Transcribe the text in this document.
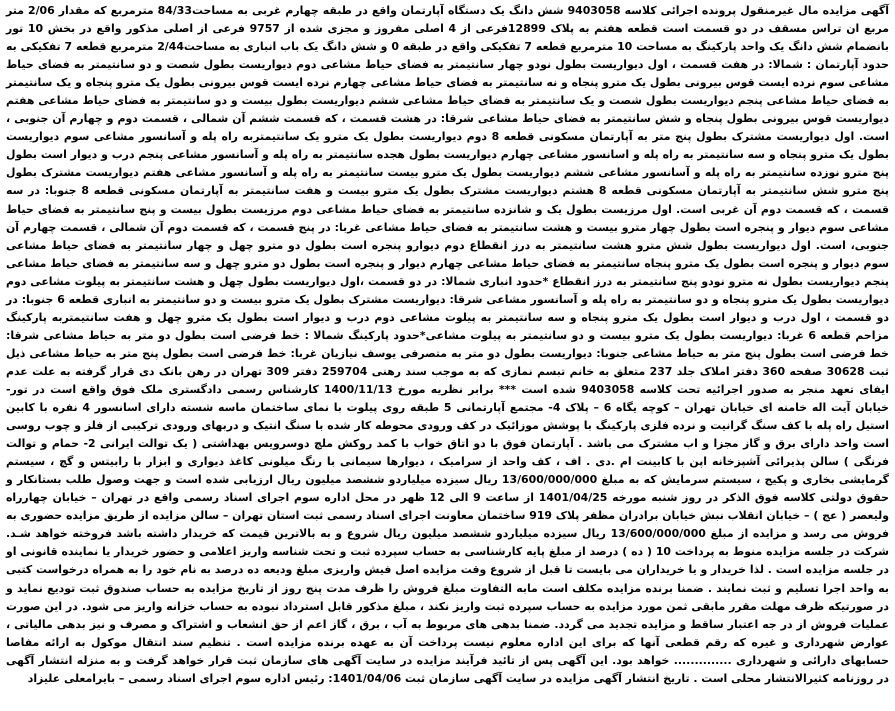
آگهی مزایده مال غیرمنقول پرونده اجرائی کلاسه 9403058 شش دانگ یک دستگاه آپارتمان واقع در طبقه چهارم غربی به مساحت84/33 مترمربع که مقدار 2/06 متر مربع ان تراس مسقف در دو قسمت است قطعه هفتم به پلاک 12899فرعی از 4 اصلی مفروز و مجزی شده از 9757 فرعی از اصلی مذکور واقع در بخش 10 تور بانضمام شش دانگ یک واحد پارکینگ به مساحت 10 مترمربع قطعه 7 تفکیکی واقع در طبقه 0 و شش دانگ یک باب انباری به مساحت2/44 مترمربع قطعه 7 تفکیکی به حدود آپارتمان : شمالا: در هفت قسمت ، اول دیواریست بطول نودو چهار سانتیمتر به فضای حیاط مشاعی دوم دیواریست بطول شصت و دو سانتیمتر به فضای حیاط مشاعی سوم نرده ایست قوس بیرونی بطول یک مترو پنجاه و نه سانتیمتر به فضای حیاط مشاعی چهارم نرده ایست قوس بیرونی بطول یک مترو پنجاه و یک سانتیمتر به فضای حیاط مشاعی پنجم دیواریست بطول شصت و یک سانتیمتر به فضای حیاط مشاعی ششم دیواریست بطول بیست و دو سانتیمتر به فضای حیاط مشاعی هفتم دیواریست قوس بیرونی بطول پنجاه و شش سانتیمتر به فضای حیاط مشاعی شرقا: در هشت قسمت ، که قسمت ششم آن شمالی ، قسمت دوم و چهارم آن جنوبی ، است. اول دیواریست مشترک بطول پنج متر به آپارتمان مسکونی قطعه 8 دوم دیواریست بطول یک مترو یک سانتیمتربه راه پله و آسانسور مشاعی سوم دیواریست بطول یک مترو پنجاه و سه سانتیمتر به راه پله و اسانسور مشاعی چهارم دیواریست بطول هجده سانتیمتر به راه پله و آسانسور مشاعی پنجم درب و دیوار است بطول پنج مترو نوزده سانتیمتر به راه پله و آسانسور مشاعی ششم دیواریست بطول یک مترو بیست سانتیمتر به راه پله و آسانسور مشاعی هفتم دیواریست مشترک بطول پنج مترو شش سانتیمتر به آپارتمان مسکونی قطعه 8 هشتم دیواریست مشترک بطول یک مترو بیست و هفت سانتیمتر به آپارتمان مسکونی قطعه 8 جنوبا: در سه قسمت ، که قسمت دوم آن غربی است. اول مرزیست بطول یک و شانزده سانتیمتر به فضای حیاط مشاعی دوم مرزیست بطول بیست و پنج سانتیمتر به فضای حیاط مشاعی سوم دیوار و پنجره است بطول چهار مترو بیست و هشت سانتیمتر به فضای حیاط مشاعی غربا: در پنج قسمت ، که قسمت دوم آن شمالی ، قسمت چهارم آن جنوبی، است. اول دیواریست بطول شش مترو هشت سانتیمتر به درز انقطاع دوم دیوارو پنجره است بطول دو مترو چهل و چهار سانتیمتر به فضای حیاط مشاعی سوم دیوار و پنجره است بطول یک مترو پنجاه سانتیمتر به فضای حیاط مشاعی چهارم دیوار و پنجره است بطول دو مترو چهل و سه سانتیمتر به فضای حیاط مشاعی پنجم دیواریست بطول نه مترو نودو پنج سانتیمتر به درز انقطاع *حدود انباری شمالا: در دو قسمت ،اول دیواریست بطول چهل و هشت سانتیمتر به پیلوت مشاعی دوم دیواریست بطول یک مترو پنجاه و دو سانتیمتر به راه پله و آسانسور مشاعی شرقا: دیواریست مشترک بطول یک مترو بیست و دو سانتیمتر به انباری قطعه 6 جنوبا: در دو قسمت ، اول درب و دیوار است بطول یک مترو پنجاه و سه سانتیمتر به پیلوت مشاعی دوم درب و دیوار است بطول یک مترو چهل و هفت سانتیمتربه پارکینگ مزاحم قطعه 6 غربا: دیواریست بطول یک مترو بیست و دو سانتیمتر به پیلوت مشاعی*حدود پارکینگ شمالا : خط فرضی است بطول دو متر به حیاط مشاعی شرقا: خط فرضی است بطول پنج متر به حیاط مشاعی جنوبا: دیواریست بطول دو متر به متصرفی یوسف نیازیان غربا: خط فرضی است بطول پنج متر به حیاط مشاعی ذیل ثبت 30628 صفحه 360 دفتر املاک جلد 237 متعلق به خانم تبسم نمازی که به موجب سند رهنی 259704 دفتر 309 تهران در رهن بانک دی قرار گرفته به علت عدم ایفای تعهد منجر به صدور اجرائیه تحت کلاسه 9403058 شده است *** برابر نظریه مورخ 1400/11/13 کارشناس رسمی دادگستری ملک فوق واقع است در تور- خیابان آیت اله خامنه ای خیابان تهران – کوچه یگاه 6 – پلاک 4- مجتمع آپارتمانی 5 طبقه روی پیلوت با نمای ساختمان ماسه شسته دارای اسانسور 4 نفره با کابین استیل راه پله با کف سنگ گرانیت و نرده فلزی پارکینگ با پوشش موزائیک در کف ورودی محوطه کار شده با سنگ انتیک و دربهای ورودی ترکیبی از فلز و چوب روسی است واحد دارای برق و گاز مجزا و اب مشترک می باشد . آپارتمان فوق با دو اتاق خواب با کمد روکش ملچ دوسرویس بهداشتی ( یک توالت ایرانی 2- حمام و توالت فرنگی ) سالن پذیرائی آشپزخانه اپن با کابینت ام .دی . اف ، کف واحد از سرامیک ، دیوارها سیمانی با رنگ میلونی کاغذ دیواری و ابزار با رابیتس و گچ ، سیستم گرمایشی بخاری و پکیج ، سیستم سرمایش که به مبلغ 13/600/000/000 ریال سیزده میلیاردو ششصد میلیون ریال ارزیابی شده است و جهت وصول طلب بستانکار و حقوق دولتی کلاسه فوق الذکر در روز شنبه مورخه 1401/04/25 از ساعت 9 الی 12 ظهر در محل اداره سوم اجرای اسناد رسمی واقع در تهران – خیابان چهارراه ولیعصر ( عج ) – خیابان انقلاب نبش خیابان برادران مظفر پلاک 919 ساختمان معاونت اجرای اسناد رسمی ثبت استان تهران – سالن مزایده از طریق مزایده حضوری به فروش می رسد و مزایده از مبلغ 13/600/000/000 ریال سیزده میلیاردو ششصد میلیون ریال شروع و به بالاترین قیمت که خریدار داشته باشد فروخته خواهد شـد. شرکت در جلسه مزایده منوط به پرداخت 10 ( ده ) درصد از مبلغ پایه کارشناسی به حساب سپرده ثبت و تحت شناسه واریز اعلامی و حضور خریدار یا نماینده قانونی او در جلسه مزایده است . لذا خریدار و یا خریداران می بایست تا قبل از شروع وقت مزایده اصل فیش واریزی مبلغ ودیعه ده درصد به نام خود را به همراه درخواست کتبی به واحد اجرا تسلیم و ثبت نمایند . ضمنا برنده مزایده مکلف است مابه التفاوت مبلغ فروش را ظرف مدت پنج روز از تاریخ مزایده به حساب صندوق ثبت تودیع نماید و در صورتیکه ظرف مهلت مقرر مابقی ثمن مورد مزایده به حساب سپرده ثبت واریز نکند ، مبلغ مذکور قابل استرداد نبوده به حساب خزانه واریز می شود. در این صورت عملیات فروش از در جه اعتبار ساقط و مزایده تجدید می گردد. ضمنا بدهی های مربوط به آب ، برق ، گاز اعم از حق انشعاب و اشتراک و مصرف و نیز بدهی مالیاتی ، عوارض شهرداری و غیره که رقم قطعی آنها که برای این اداره معلوم نیست پرداخت آن به عهده برنده مزایده است . تنظیم سند انتقال موکول به ارائه مفاصا حسابهای دارائی و شهرداری .............. خواهد بود. این آگهی پس از تائید فرآیند مزایده در سایت آگهی های سازمان ثبت قرار خواهد گرفت و به منزله انتشار آگهی در روزنامه کثیرالانتشار محلی است . تاریخ انتشار آگهی مزایده در سایت آگهی سازمان ثبت 1401/04/06: رئیس اداره سوم اجرای اسناد رسمی – بایرامعلی علیزاد
